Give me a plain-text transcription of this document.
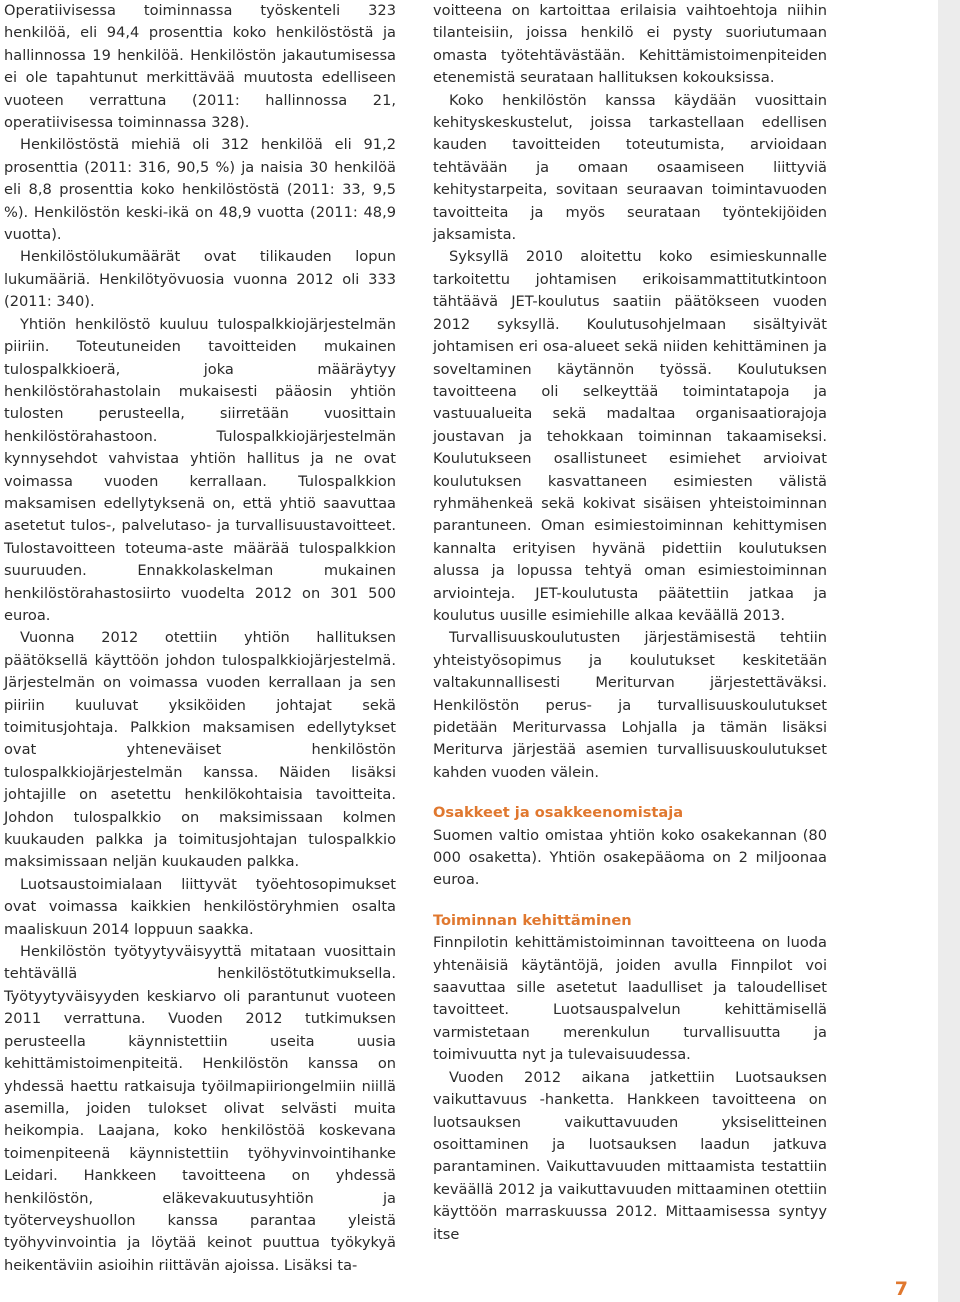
Operatiivisessa toiminnassa työskenteli 323 henkilöä, eli 94,4 prosenttia koko henkilöstöstä ja hallinnossa 19 henkilöä. Henkilöstön jakautumisessa ei ole tapahtunut merkittävää muutosta edelliseen vuoteen verrattuna (2011: hallinnossa 21, operatiivisessa toiminnassa 328).

Henkilöstöstä miehiä oli 312 henkilöä eli 91,2 prosenttia (2011: 316, 90,5 %) ja naisia 30 henkilöä eli 8,8 prosenttia koko henkilöstöstä (2011: 33, 9,5 %). Henkilöstön keski-ikä on 48,9 vuotta (2011: 48,9 vuotta).

Henkilöstölukumäärät ovat tilikauden lopun lukumääriä. Henkilötyövuosia vuonna 2012 oli 333 (2011: 340).

Yhtiön henkilöstö kuuluu tulospalkkiojärjestelmän piiriin. Toteutuneiden tavoitteiden mukainen tulospalkkioerä, joka määräytyy henkilöstörahastolain mukaisesti pääosin yhtiön tulosten perusteella, siirretään vuosittain henkilöstörahastoon. Tulospalkkiojärjestelmän kynnysehdot vahvistaa yhtiön hallitus ja ne ovat voimassa vuoden kerrallaan. Tulospalkkion maksamisen edellytyksenä on, että yhtiö saavuttaa asetetut tulos-, palvelutaso- ja turvallisuustavoitteet. Tulostavoitteen toteuma-aste määrää tulospalkkion suuruuden. Ennakkolaskelman mukainen henkilöstörahastosiirto vuodelta 2012 on 301 500 euroa.

Vuonna 2012 otettiin yhtiön hallituksen päätöksellä käyttöön johdon tulospalkkiojärjestelmä. Järjestelmän on voimassa vuoden kerrallaan ja sen piiriin kuuluvat yksiköiden johtajat sekä toimitusjohtaja. Palkkion maksamisen edellytykset ovat yhteneväiset henkilöstön tulospalkkiojärjestelmän kanssa. Näiden lisäksi johtajille on asetettu henkilökohtaisia tavoitteita. Johdon tulospalkkio on maksimissaan kolmen kuukauden palkka ja toimitusjohtajan tulospalkkio maksimissaan neljän kuukauden palkka.

Luotsaustoimialaan liittyvät työehtosopimukset ovat voimassa kaikkien henkilöstöryhmien osalta maaliskuun 2014 loppuun saakka.

Henkilöstön työtyytyväisyyttä mitataan vuosittain tehtävällä henkilöstötutkimuksella. Työtyytyväisyyden keskiarvo oli parantunut vuoteen 2011 verrattuna. Vuoden 2012 tutkimuksen perusteella käynnistettiin useita uusia kehittämistoimenpiteitä. Henkilöstön kanssa on yhdessä haettu ratkaisuja työilmapiiriongelmiin niillä asemilla, joiden tulokset olivat selvästi muita heikompia. Laajana, koko henkilöstöä koskevana toimenpiteenä käynnistettiin työhyvinvointihanke Leidari. Hankkeen tavoitteena on yhdessä henkilöstön, eläkevakuutusyhtiön ja työterveyshuollon kanssa parantaa yleistä työhyvinvointia ja löytää keinot puuttua työkykyä heikentäviin asioihin riittävän ajoissa. Lisäksi ta-

voitteena on kartoittaa erilaisia vaihtoehtoja niihin tilanteisiin, joissa henkilö ei pysty suoriutumaan omasta työtehtävästään. Kehittämistoimenpiteiden etenemistä seurataan hallituksen kokouksissa.

Koko henkilöstön kanssa käydään vuosittain kehityskeskustelut, joissa tarkastellaan edellisen kauden tavoitteiden toteutumista, arvioidaan tehtävään ja omaan osaamiseen liittyviä kehitystarpeita, sovitaan seuraavan toimintavuoden tavoitteita ja myös seurataan työntekijöiden jaksamista.

Syksyllä 2010 aloitettu koko esimieskunnalle tarkoitettu johtamisen erikoisammattitutkintoon tähtäävä JET-koulutus saatiin päätökseen vuoden 2012 syksyllä. Koulutusohjelmaan sisältyivät johtamisen eri osa-alueet sekä niiden kehittäminen ja soveltaminen käytännön työssä. Koulutuksen tavoitteena oli selkeyttää toimintatapoja ja vastuualueita sekä madaltaa organisaatiorajoja joustavan ja tehokkaan toiminnan takaamiseksi. Koulutukseen osallistuneet esimiehet arvioivat koulutuksen kasvattaneen esimiesten välistä ryhmähenkeä sekä kokivat sisäisen yhteistoiminnan parantuneen. Oman esimiestoiminnan kehittymisen kannalta erityisen hyvänä pidettiin koulutuksen alussa ja lopussa tehtyä oman esimiestoiminnan arviointeja. JET-koulutusta päätettiin jatkaa ja koulutus uusille esimiehille alkaa keväällä 2013.

Turvallisuuskoulutusten järjestämisestä tehtiin yhteistyösopimus ja koulutukset keskitetään valtakunnallisesti Meriturvan järjestettäväksi. Henkilöstön perus- ja turvallisuuskoulutukset pidetään Meriturvassa Lohjalla ja tämän lisäksi Meriturva järjestää asemien turvallisuuskoulutukset kahden vuoden välein.

Osakkeet ja osakkeenomistaja

Suomen valtio omistaa yhtiön koko osakekannan (80 000 osaketta). Yhtiön osakepääoma on 2 miljoonaa euroa.

Toiminnan kehittäminen

Finnpilotin kehittämistoiminnan tavoitteena on luoda yhtenäisiä käytäntöjä, joiden avulla Finnpilot voi saavuttaa sille asetetut laadulliset ja taloudelliset tavoitteet. Luotsauspalvelun kehittämisellä varmistetaan merenkulun turvallisuutta ja toimivuutta nyt ja tulevaisuudessa.

Vuoden 2012 aikana jatkettiin Luotsauksen vaikuttavuus -hanketta. Hankkeen tavoitteena on luotsauksen vaikuttavuuden yksiselitteinen osoittaminen ja luotsauksen laadun jatkuva parantaminen. Vaikuttavuuden mittaamista testattiin keväällä 2012 ja vaikuttavuuden mittaaminen otettiin käyttöön marraskuussa 2012. Mittaamisessa syntyy itse

7
